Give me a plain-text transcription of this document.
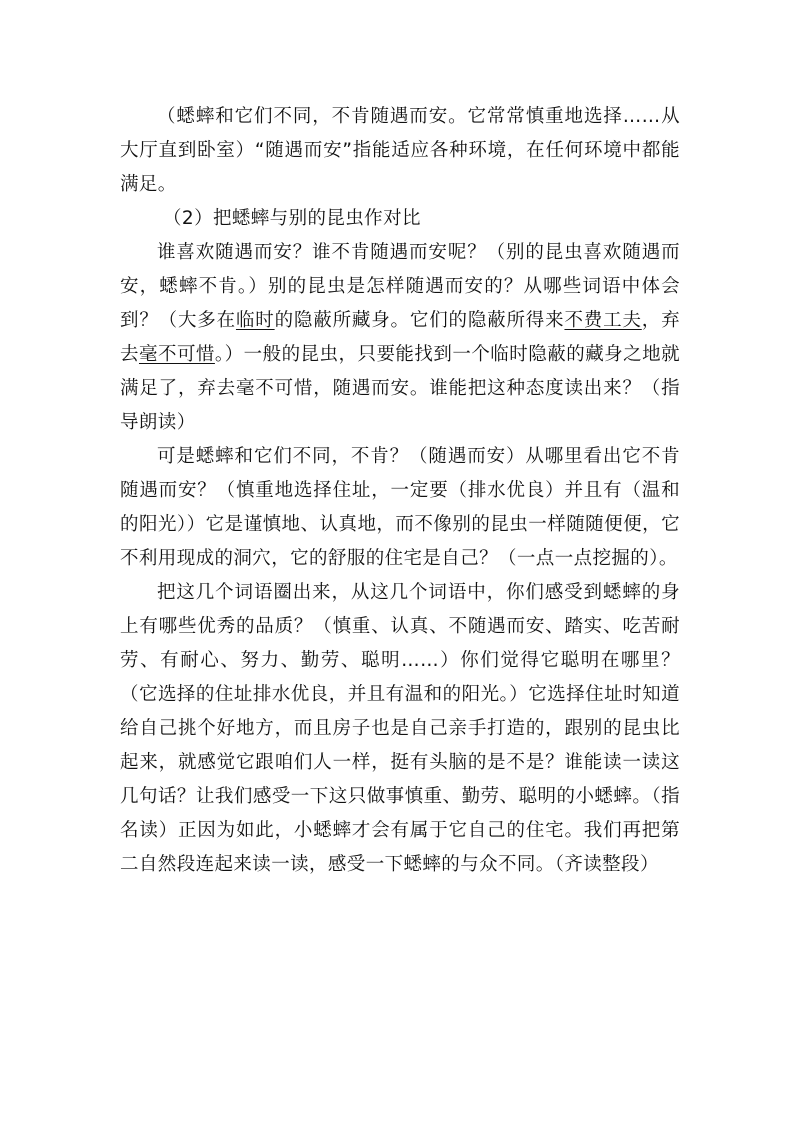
（蟋蟀和它们不同，不肯随遇而安。它常常慎重地选择……从大厅直到卧室）“随遇而安”指能适应各种环境，在任何环境中都能满足。

（2）把蟋蟀与别的昆虫作对比

谁喜欢随遇而安？谁不肯随遇而安呢？（别的昆虫喜欢随遇而安，蟋蟀不肯。）别的昆虫是怎样随遇而安的？从哪些词语中体会到？（大多在临时的隐蔽所藏身。它们的隐蔽所得来不费工夫，弃去毫不可惜。）一般的昆虫，只要能找到一个临时隐蔽的藏身之地就满足了，弃去毫不可惜，随遇而安。谁能把这种态度读出来？（指导朗读）

可是蟋蟀和它们不同，不肯？（随遇而安）从哪里看出它不肯随遇而安？（慎重地选择住址，一定要（排水优良）并且有（温和的阳光））它是谨慎地、认真地，而不像别的昆虫一样随随便便，它不利用现成的洞穴，它的舒服的住宅是自己？（一点一点挖掘的）。

把这几个词语圈出来，从这几个词语中，你们感受到蟋蟀的身上有哪些优秀的品质？（慎重、认真、不随遇而安、踏实、吃苦耐劳、有耐心、努力、勤劳、聪明……）你们觉得它聪明在哪里？（它选择的住址排水优良，并且有温和的阳光。）它选择住址时知道给自己挑个好地方，而且房子也是自己亲手打造的，跟别的昆虫比起来，就感觉它跟咱们人一样，挺有头脑的是不是？谁能读一读这几句话？让我们感受一下这只做事慎重、勤劳、聪明的小蟋蟀。（指名读）正因为如此，小蟋蟀才会有属于它自己的住宅。我们再把第二自然段连起来读一读，感受一下蟋蟀的与众不同。（齐读整段）
